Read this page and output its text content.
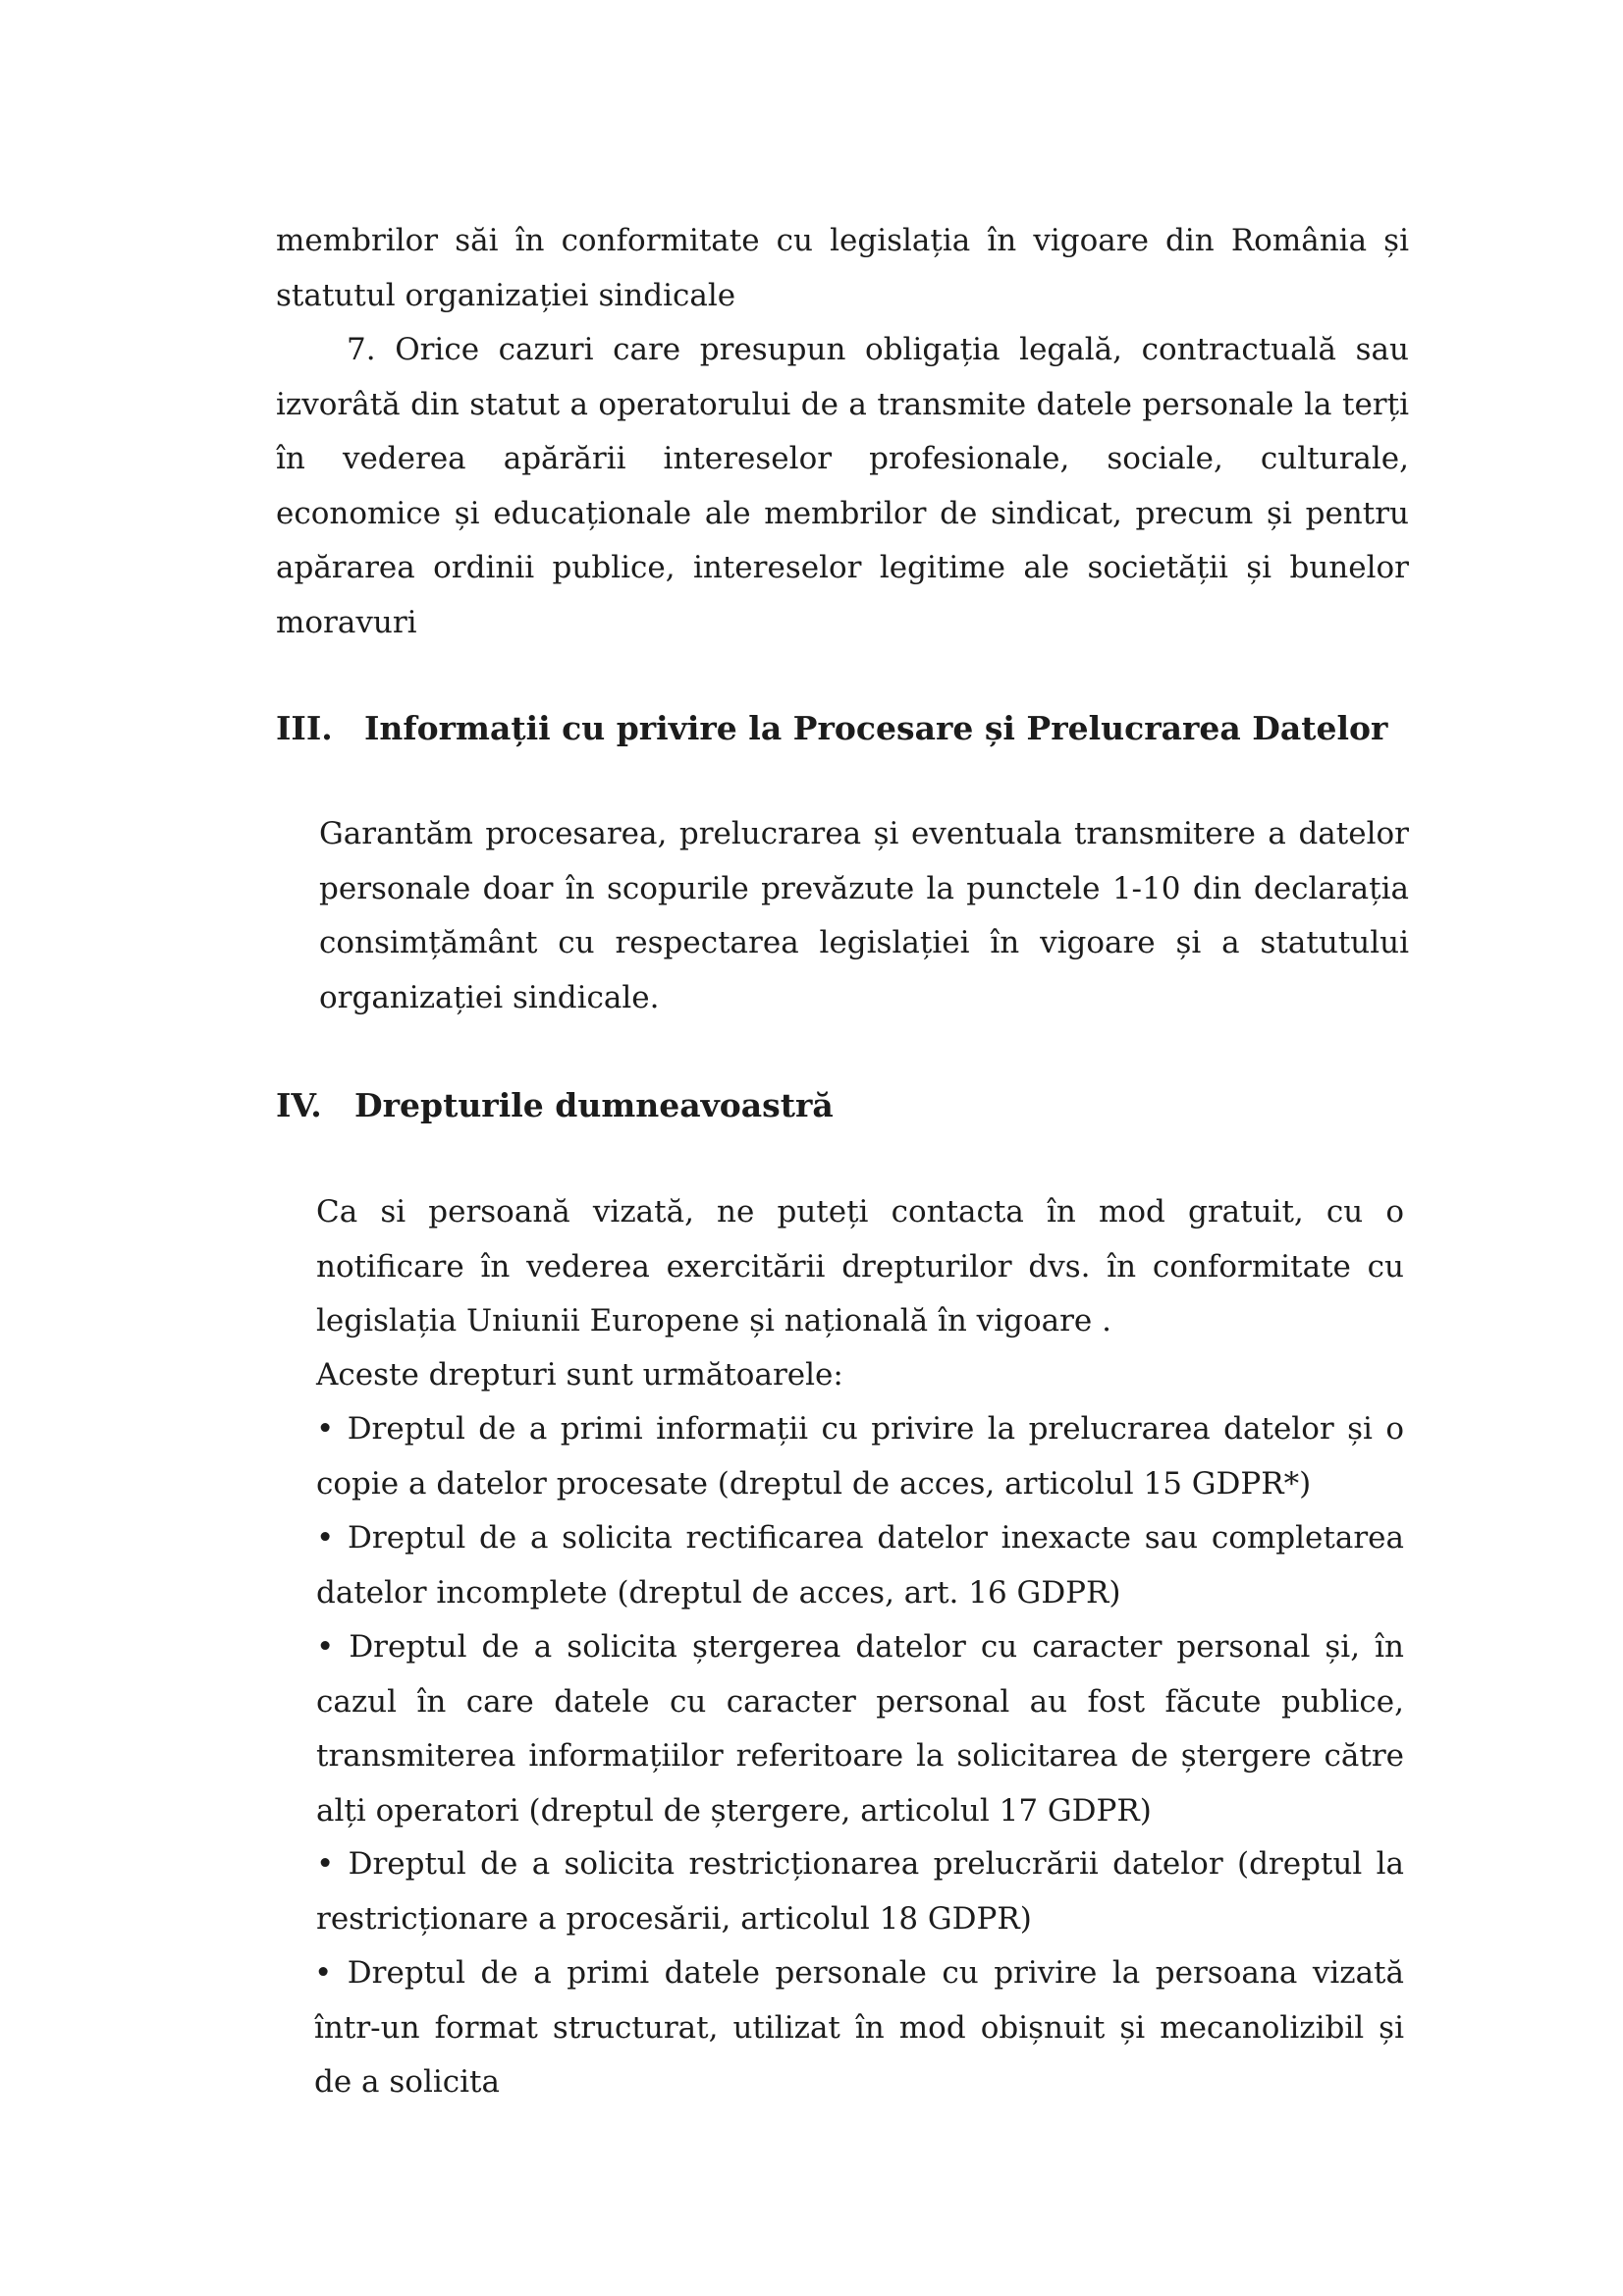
membrilor săi în conformitate cu legislația în vigoare din România și statutul organizației sindicale

7. Orice cazuri care presupun obligația legală, contractuală sau izvorâtă din statut a operatorului de a transmite datele personale la terți în vederea apărării intereselor profesionale, sociale, culturale, economice și educaționale ale membrilor de sindicat, precum și pentru apărarea ordinii publice, intereselor legitime ale societății și bunelor moravuri

III. Informații cu privire la Procesare și Prelucrarea Datelor

Garantăm procesarea, prelucrarea și eventuala transmitere a datelor personale doar în scopurile prevăzute la punctele 1-10 din declarația consimțământ cu respectarea legislației în vigoare și a statutului organizației sindicale.

IV. Drepturile dumneavoastră

Ca si persoană vizată, ne puteți contacta în mod gratuit, cu o notificare în vederea exercitării drepturilor dvs. în conformitate cu legislația Uniunii Europene și națională în vigoare .

Aceste drepturi sunt următoarele:

• Dreptul de a primi informații cu privire la prelucrarea datelor și o copie a datelor procesate (dreptul de acces, articolul 15 GDPR*)

• Dreptul de a solicita rectificarea datelor inexacte sau completarea datelor incomplete (dreptul de acces, art. 16 GDPR)

• Dreptul de a solicita ștergerea datelor cu caracter personal și, în cazul în care datele cu caracter personal au fost făcute publice, transmiterea informațiilor referitoare la solicitarea de ștergere către alți operatori (dreptul de ștergere, articolul 17 GDPR)

• Dreptul de a solicita restricționarea prelucrării datelor (dreptul la restricționare a procesării, articolul 18 GDPR)

• Dreptul de a primi datele personale cu privire la persoana vizată într-un format structurat, utilizat în mod obișnuit și mecanolizibil și de a solicita
